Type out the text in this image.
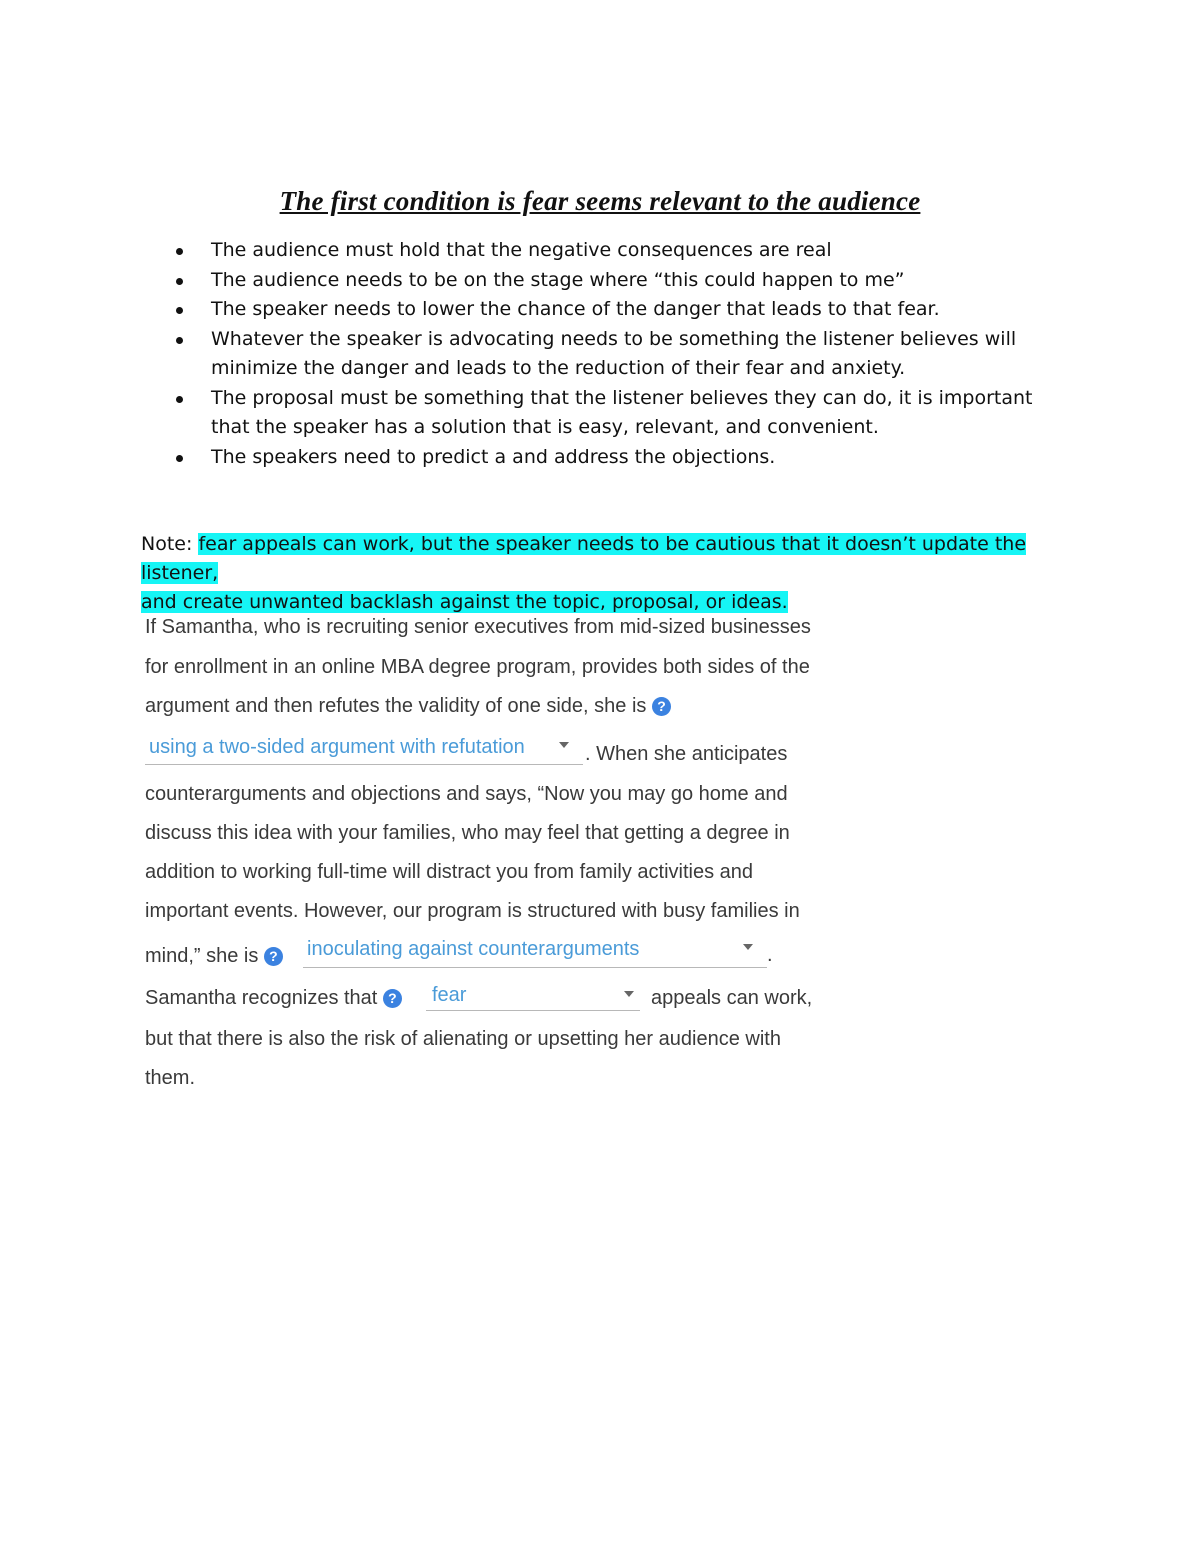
The first condition is fear seems relevant to the audience
The audience must hold that the negative consequences are real
The audience needs to be on the stage where “this could happen to me”
The speaker needs to lower the chance of the danger that leads to that fear.
Whatever the speaker is advocating needs to be something the listener believes will minimize the danger and leads to the reduction of their fear and anxiety.
The proposal must be something that the listener believes they can do, it is important that the speaker has a solution that is easy, relevant, and convenient.
The speakers need to predict a and address the objections.
Note: fear appeals can work, but the speaker needs to be cautious that it doesn’t update the listener,
and create unwanted backlash against the topic, proposal, or ideas.
If Samantha, who is recruiting senior executives from mid-sized businesses
for enrollment in an online MBA degree program, provides both sides of the
argument and then refutes the validity of one side, she is ?
using a two-sided argument with refutation	. When she anticipates
counterarguments and objections and says, “Now you may go home and
discuss this idea with your families, who may feel that getting a degree in
addition to working full-time will distract you from family activities and
important events. However, our program is structured with busy families in
mind,” she is ? inoculating against counterarguments	.
Samantha recognizes that ? fear	appeals can work,
but that there is also the risk of alienating or upsetting her audience with
them.
